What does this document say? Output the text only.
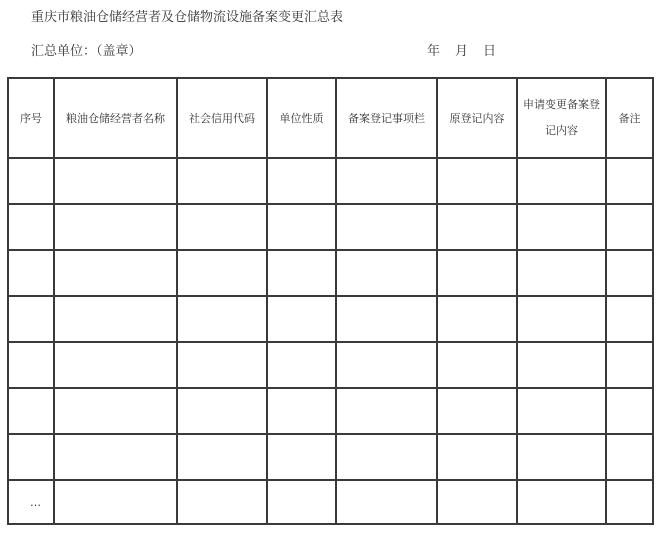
重庆市粮油仓储经营者及仓储物流设施备案变更汇总表
汇总单位：（盖章）	年 月 日
序号	粮油仓储经营者名称	社会信用代码	单位性质	备案登记事项栏	原登记内容	申请变更备案登记内容	备注

…							
